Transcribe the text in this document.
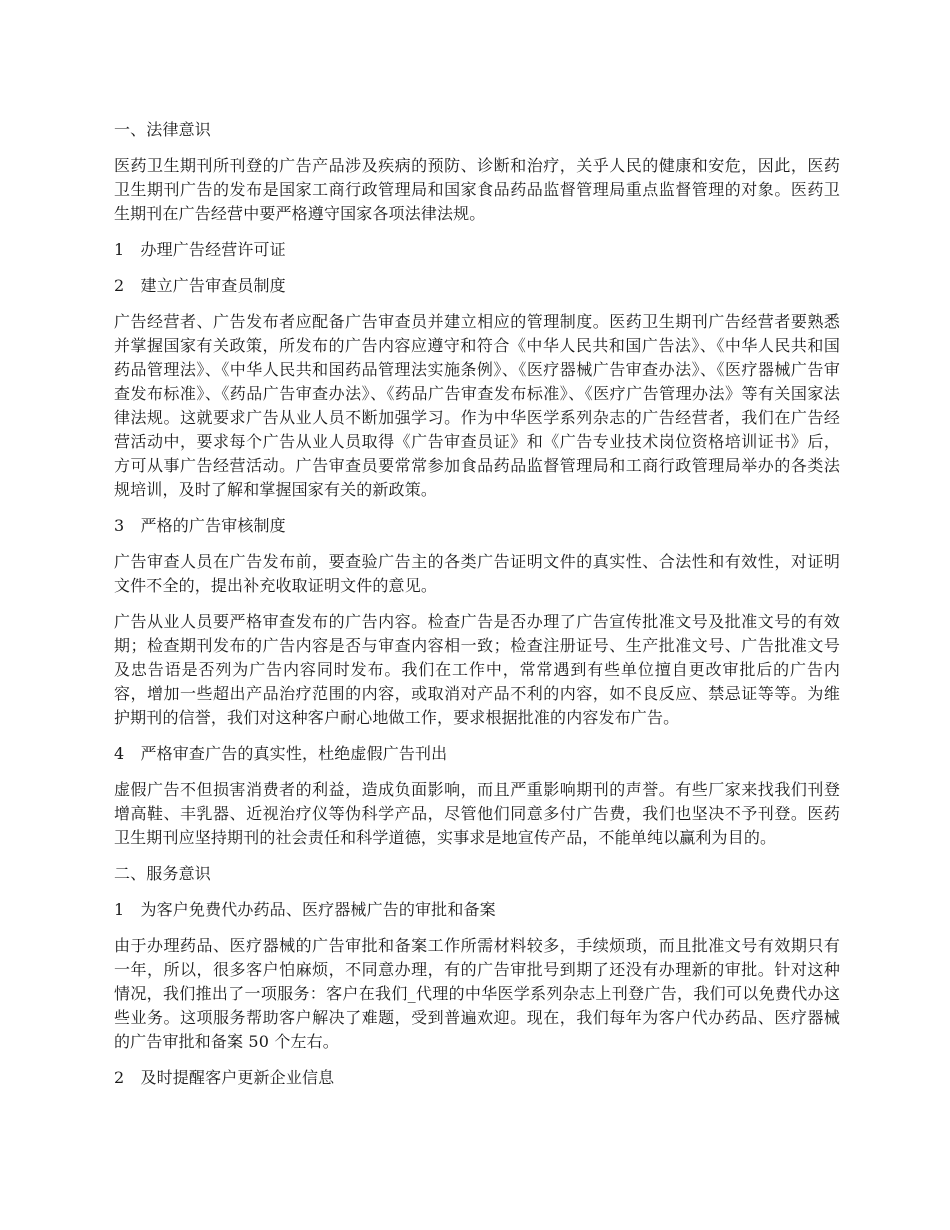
一、法律意识

医药卫生期刊所刊登的广告产品涉及疾病的预防、诊断和治疗，关乎人民的健康和安危，因此，医药卫生期刊广告的发布是国家工商行政管理局和国家食品药品监督管理局重点监督管理的对象。医药卫生期刊在广告经营中要严格遵守国家各项法律法规。

1　办理广告经营许可证

2　建立广告审查员制度

广告经营者、广告发布者应配备广告审查员并建立相应的管理制度。医药卫生期刊广告经营者要熟悉并掌握国家有关政策，所发布的广告内容应遵守和符合《中华人民共和国广告法》、《中华人民共和国药品管理法》、《中华人民共和国药品管理法实施条例》、《医疗器械广告审查办法》、《医疗器械广告审查发布标准》、《药品广告审查办法》、《药品广告审查发布标准》、《医疗广告管理办法》等有关国家法律法规。这就要求广告从业人员不断加强学习。作为中华医学系列杂志的广告经营者，我们在广告经营活动中，要求每个广告从业人员取得《广告审查员证》和《广告专业技术岗位资格培训证书》后，方可从事广告经营活动。广告审查员要常常参加食品药品监督管理局和工商行政管理局举办的各类法规培训，及时了解和掌握国家有关的新政策。

3　严格的广告审核制度

广告审查人员在广告发布前，要查验广告主的各类广告证明文件的真实性、合法性和有效性，对证明文件不全的，提出补充收取证明文件的意见。

广告从业人员要严格审查发布的广告内容。检查广告是否办理了广告宣传批准文号及批准文号的有效期；检查期刊发布的广告内容是否与审查内容相一致；检查注册证号、生产批准文号、广告批准文号及忠告语是否列为广告内容同时发布。我们在工作中，常常遇到有些单位擅自更改审批后的广告内容，增加一些超出产品治疗范围的内容，或取消对产品不利的内容，如不良反应、禁忌证等等。为维护期刊的信誉，我们对这种客户耐心地做工作，要求根据批准的内容发布广告。

4　严格审查广告的真实性，杜绝虚假广告刊出

虚假广告不但损害消费者的利益，造成负面影响，而且严重影响期刊的声誉。有些厂家来找我们刊登增高鞋、丰乳器、近视治疗仪等伪科学产品，尽管他们同意多付广告费，我们也坚决不予刊登。医药卫生期刊应坚持期刊的社会责任和科学道德，实事求是地宣传产品，不能单纯以赢利为目的。

二、服务意识

1　为客户免费代办药品、医疗器械广告的审批和备案

由于办理药品、医疗器械的广告审批和备案工作所需材料较多，手续烦琐，而且批准文号有效期只有一年，所以，很多客户怕麻烦，不同意办理，有的广告审批号到期了还没有办理新的审批。针对这种情况，我们推出了一项服务：客户在我们_代理的中华医学系列杂志上刊登广告，我们可以免费代办这些业务。这项服务帮助客户解决了难题，受到普遍欢迎。现在，我们每年为客户代办药品、医疗器械的广告审批和备案 50 个左右。

2　及时提醒客户更新企业信息
